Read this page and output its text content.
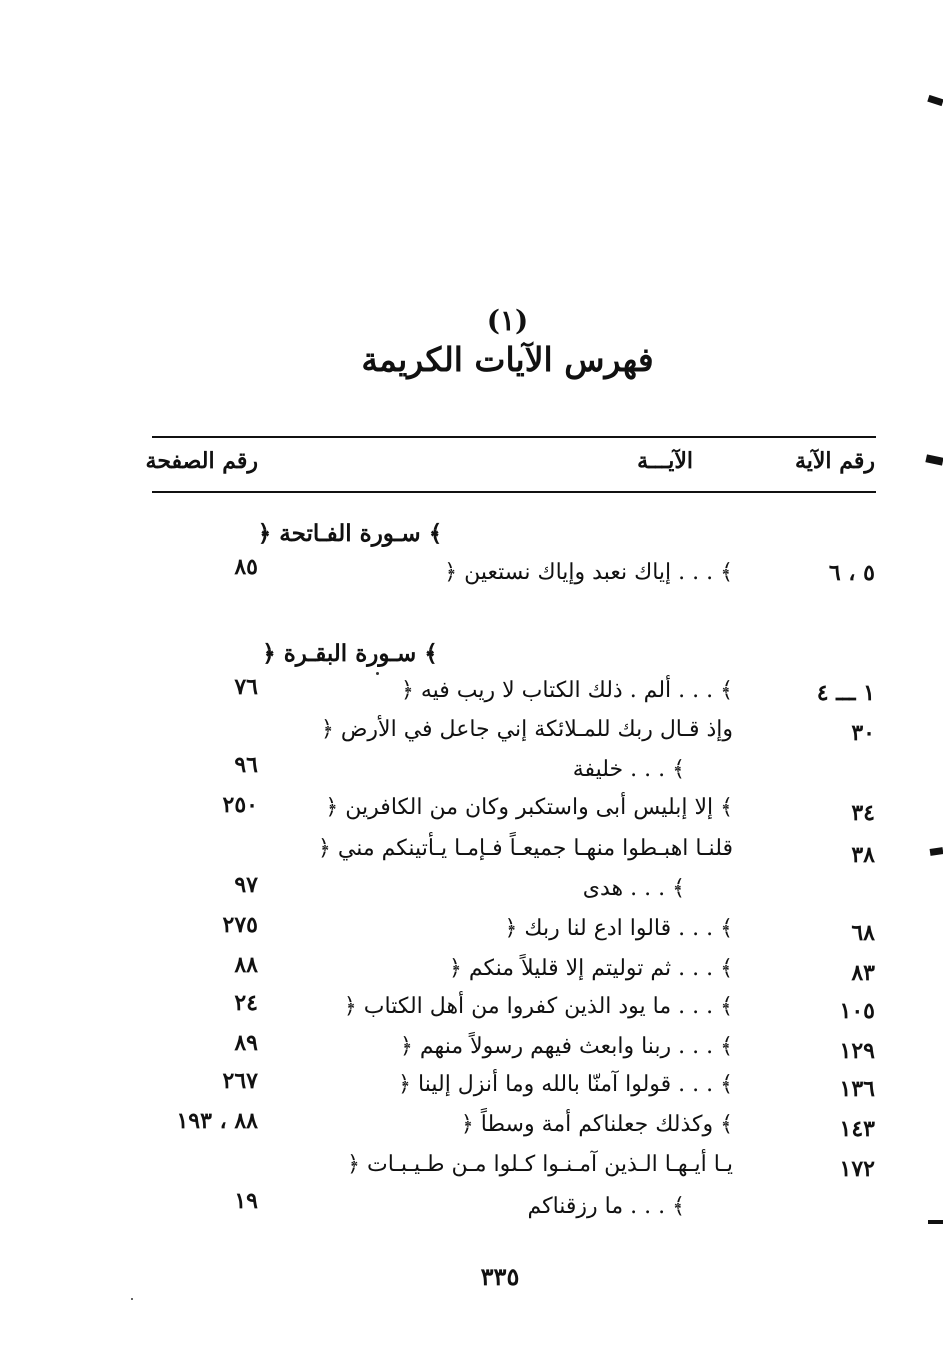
(١)
فهرس الآيات الكريمة
رقم الآية
الآيـــة
رقم الصفحة
﴿ سـورة الفـاتحة ﴾
٥ ، ٦
﴿ إياك نعبد وإياك نستعين . . . ﴾
٨٥
﴿ سـورة البقـرة ﴾
١ ـــ ٤
﴿ ألم . ذلك الكتاب لا ريب فيه . . . ﴾
٧٦
٣٠
﴿ وإذ قـال ربك للمـلائكة إني جاعل في الأرض
خليفة . . . ﴾
٩٦
٣٤
﴿ إلا إبليس أبى واستكبر وكان من الكافرين ﴾
٢٥٠
٣٨
﴿ قلنـا اهبـطوا منهـا جميعـاً فـإمـا يـأتينكم مني
هدى . . . ﴾
٩٧
٦٨
﴿ قالوا ادع لنا ربك . . . ﴾
٢٧٥
٨٣
﴿ ثم توليتم إلا قليلاً منكم . . . ﴾
٨٨
١٠٥
﴿ ما يود الذين كفروا من أهل الكتاب . . . ﴾
٢٤
١٢٩
﴿ ربنا وابعث فيهم رسولاً منهم . . . ﴾
٨٩
١٣٦
﴿ قولوا آمنّا بالله وما أنزل إلينا . . . ﴾
٢٦٧
١٤٣
﴿ وكذلك جعلناكم أمة وسطاً ﴾
٨٨ ، ١٩٣
١٧٢
﴿ يـا أيـهـا الـذين آمـنـوا كـلوا مـن طـيـبـات
ما رزقناكم . . . ﴾
١٩
٣٣٥
